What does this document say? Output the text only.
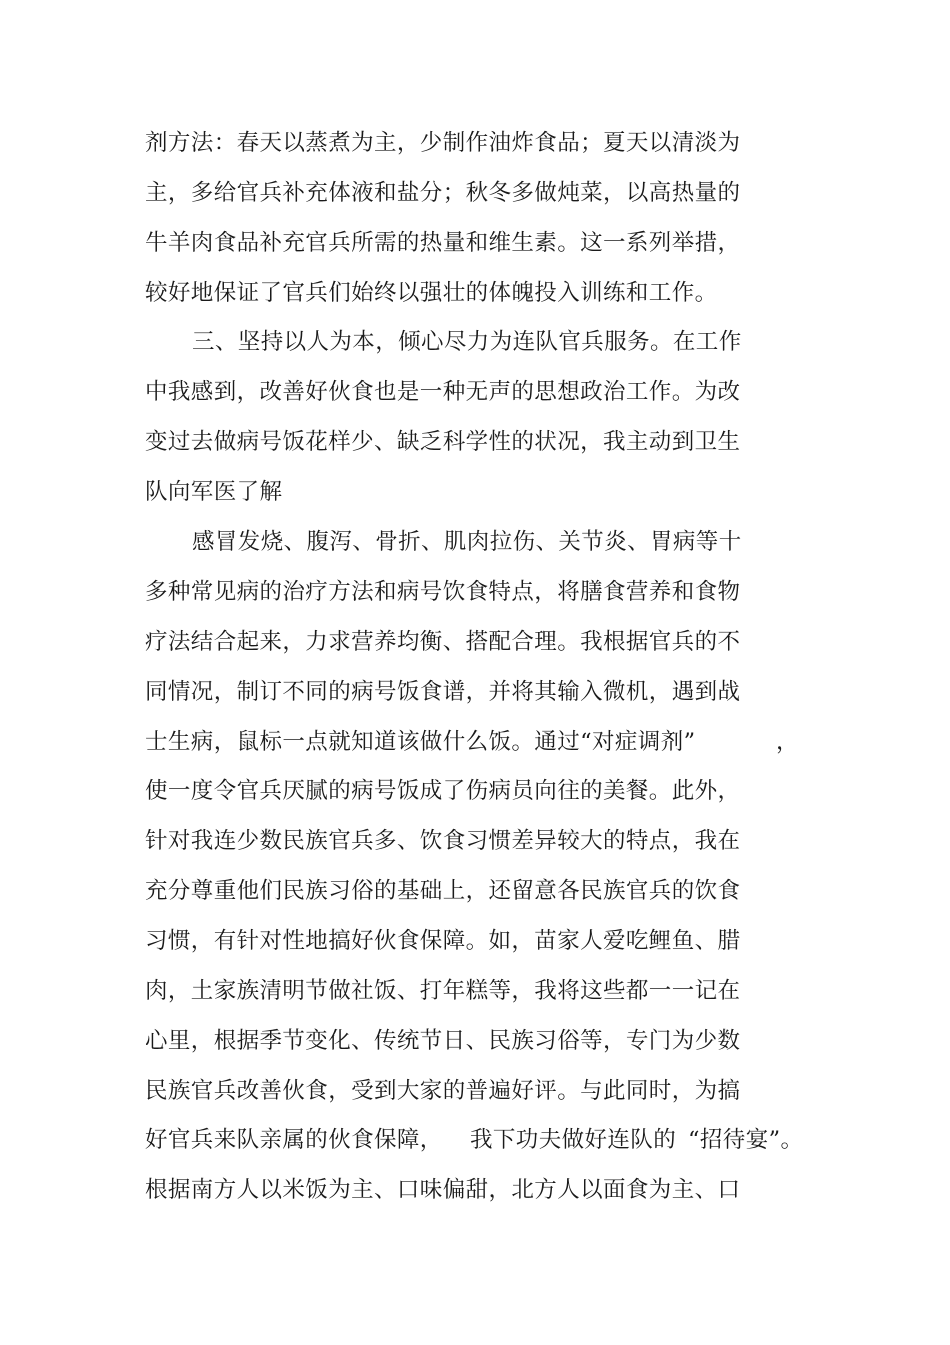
剂方法：春天以蒸煮为主，少制作油炸食品；夏天以清淡为
主，多给官兵补充体液和盐分；秋冬多做炖菜，以高热量的
牛羊肉食品补充官兵所需的热量和维生素。这一系列举措，
较好地保证了官兵们始终以强壮的体魄投入训练和工作。
三、坚持以人为本，倾心尽力为连队官兵服务。在工作
中我感到，改善好伙食也是一种无声的思想政治工作。为改
变过去做病号饭花样少、缺乏科学性的状况，我主动到卫生
队向军医了解
感冒发烧、腹泻、骨折、肌肉拉伤、关节炎、胃病等十
多种常见病的治疗方法和病号饮食特点，将膳食营养和食物
疗法结合起来，力求营养均衡、搭配合理。我根据官兵的不
同情况，制订不同的病号饭食谱，并将其输入微机，遇到战
士生病，鼠标一点就知道该做什么饭。通过“对症调剂”	，
使一度令官兵厌腻的病号饭成了伤病员向往的美餐。此外，
针对我连少数民族官兵多、饮食习惯差异较大的特点，我在
充分尊重他们民族习俗的基础上，还留意各民族官兵的饮食
习惯，有针对性地搞好伙食保障。如，苗家人爱吃鲤鱼、腊
肉，土家族清明节做社饭、打年糕等，我将这些都一一记在
心里，根据季节变化、传统节日、民族习俗等，专门为少数
民族官兵改善伙食，受到大家的普遍好评。与此同时，为搞
好官兵来队亲属的伙食保障， 我下功夫做好连队的 “招待宴”。
根据南方人以米饭为主、口味偏甜，北方人以面食为主、口
